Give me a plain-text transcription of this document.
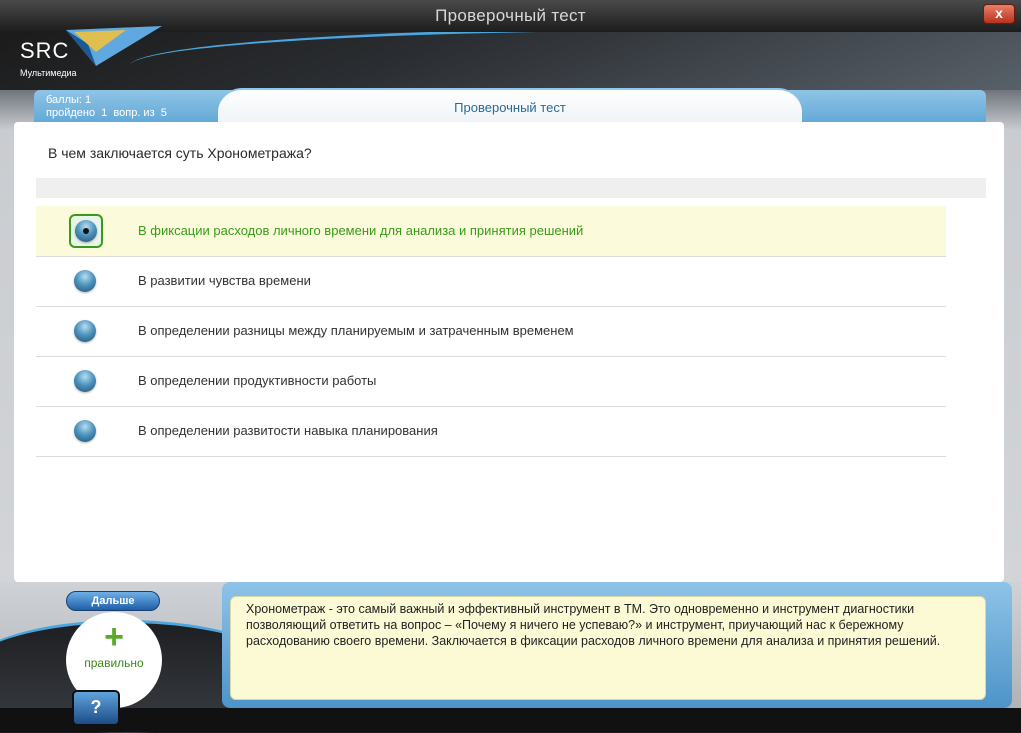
Проверочный тест	x
SRC
Мультимедиа
баллы: 1
пройдено  1  вопр. из  5	Проверочный тест
В чем заключается суть Хронометража?
В фиксации расходов личного времени для анализа и принятия решений
В развитии чувства времени
В определении разницы между планируемым и затраченным временем
В определении продуктивности работы
В определении развитости навыка планирования
Дальше
+
правильно
Хронометраж - это самый важный и эффективный инструмент в ТМ. Это одновременно и инструмент диагностики позволяющий ответить на вопрос – «Почему я ничего не успеваю?» и инструмент, приучающий нас к бережному расходованию своего времени. Заключается в фиксации расходов личного времени для анализа и принятия решений.
?
